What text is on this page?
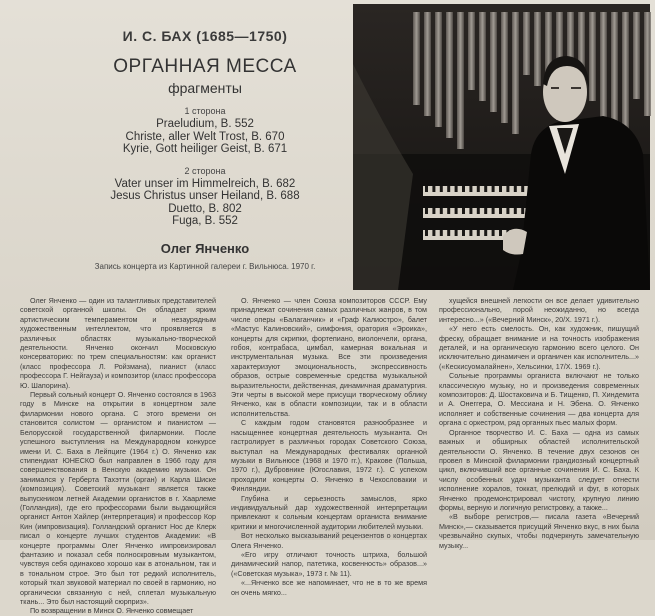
И. С. БАХ (1685—1750)
ОРГАННАЯ МЕССА
фрагменты
1 сторона
Praeludium, B. 552
Christe, aller Welt Trost, B. 670
Kyrie, Gott heiliger Geist, B. 671
2 сторона
Vater unser im Himmelreich, B. 682
Jesus Christus unser Heiland, B. 688
Duetto, B. 802
Fuga, B. 552
Олег Янченко
Запись концерта из Картинной галереи г. Вильнюса. 1970 г.

Олег Янченко — один из талантливых представителей советской органной школы. Он обладает ярким артистическим темпераментом и незаурядным художественным интеллектом, что проявляется в различных областях музыкально-творческой деятельности. Янченко окончил Московскую консерваторию: по трем специальностям: как органист (класс профессора Л. Ройзмана), пианист (класс профессора Г. Нейгауза) и композитор (класс профессора Ю. Шапорина).

Первый сольный концерт О. Янченко состоялся в 1963 году в Минске на открытии в концертном зале филармонии нового органа. С этого времени он становится солистом — органистом и пианистом — Белорусской государственной филармонии. После успешного выступления на Международном конкурсе имени И. С. Баха в Лейпциге (1964 г.) О. Янченко как стипендиат ЮНЕСКО был направлен в 1966 году для совершенствования в Венскую академию музыки. Он занимался у Герберта Тахэтти (орган) и Карла Шиске (композиция). Советский музыкант является также выпускником летней Академии органистов в г. Хаарлеме (Голландия), где его профессорами были выдающийся органист Антон Хайлер (интерпретация) и профессор Кор Кин (импровизация). Голландский органист Нос де Клерк писал о концерте лучших студентов Академии: «В концерте программы Олег Янченко импровизировал фантазию и показал себя полноскровным музыкантом, чувствуя себя одинаково хорошо как в атональном, так и в тональном строе. Это был тот редкий исполнитель, который ткал звуковой материал по своей в гармонию, но органически связанную с ней, сплетал музыкальную ткань... Это был настоящий сюрприз».

По возвращении в Минск О. Янченко совмещает

О. Янченко — член Союза композиторов СССР. Ему принадлежат сочинения самых различных жанров, в том числе оперы «Балаганчик» и «Граф Калиостро», балет «Мастус Калиновский», симфония, оратория «Эроика», концерты для скрипки, фортепиано, виолончели, органа, гобоя, контрабаса, цимбал, камерная вокальная и инструментальная музыка. Все эти произведения характеризуют эмоциональность, экспрессивность образов, острые современные средства музыкальной выразительности, действенная, динамичная драматургия. Эти черты в высокой мере присущи творческому облику Янченко, как в области композиции, так и в области исполнительства.

С каждым годом становятся разнообразнее и насыщеннее концертная деятельность музыканта. Он гастролирует в различных городах Советского Союза, выступал на Международных фестивалях органной музыки в Вильнюсе (1968 и 1970 гг.), Кракове (Польша, 1970 г.), Дубровнике (Югославия, 1972 г.). С успехом проходили концерты О. Янченко в Чехословакии и Финляндии.

Глубина и серьезность замыслов, ярко индивидуальный дар художественной интерпретации привлекают к сольным концертам органиста внимание критики и многочисленной аудитории любителей музыки.

Вот несколько высказываний рецензентов о концертах Олега Янченко.

«Его игру отличают точность штриха, большой динамический напор, патетика, косвенность» образов...» («Советская музыка», 1973 г. № 11).

«...Янченко все же напоминает, что не в то же время он очень мягко...

хущейся внешней легкости он все делает удивительно профессионально, порой неожиданно, но всегда интересно...» («Вечерний Минск», 20/X. 1971 г.).

«У него есть смелость. Он, как художник, пишущий фреску, обращает внимание и на точность изображения деталей, и на органическую гармонию всего целого. Он исключительно динамичен и органичен как исполнитель...» («Кескисуомалайнен», Хельсинки, 17/X. 1969 г.).

Сольные программы органиста включают не только классическую музыку, но и произведения современных композиторов: Д. Шостаковича и Б. Тищенко, П. Хиндемита и А. Онеггера, О. Мессиана и Н. Эбена. О. Янченко исполняет и собственные сочинения — два концерта для органа с оркестром, ряд органных пьес малых форм.

Органное творчество И. С. Баха — одна из самых важных и обширных областей исполнительской деятельности О. Янченко. В течение двух сезонов он провел в Минской филармонии грандиозный концертный цикл, включивший все органные сочинения И. С. Баха. К числу особенных удач музыканта следует отнести исполнение хоралов, токкат, прелюдий и фуг, в которых Янченко продемонстрировал чистоту, крупную линию формы, верную и логичную регистровку, а также...

«В выборе регистров,— писала газета «Вечерний Минск»,— сказывается присущий Янченко вкус, в них была чрезвычайно скупых, чтобы подчеркнуть замечательную музыку...
